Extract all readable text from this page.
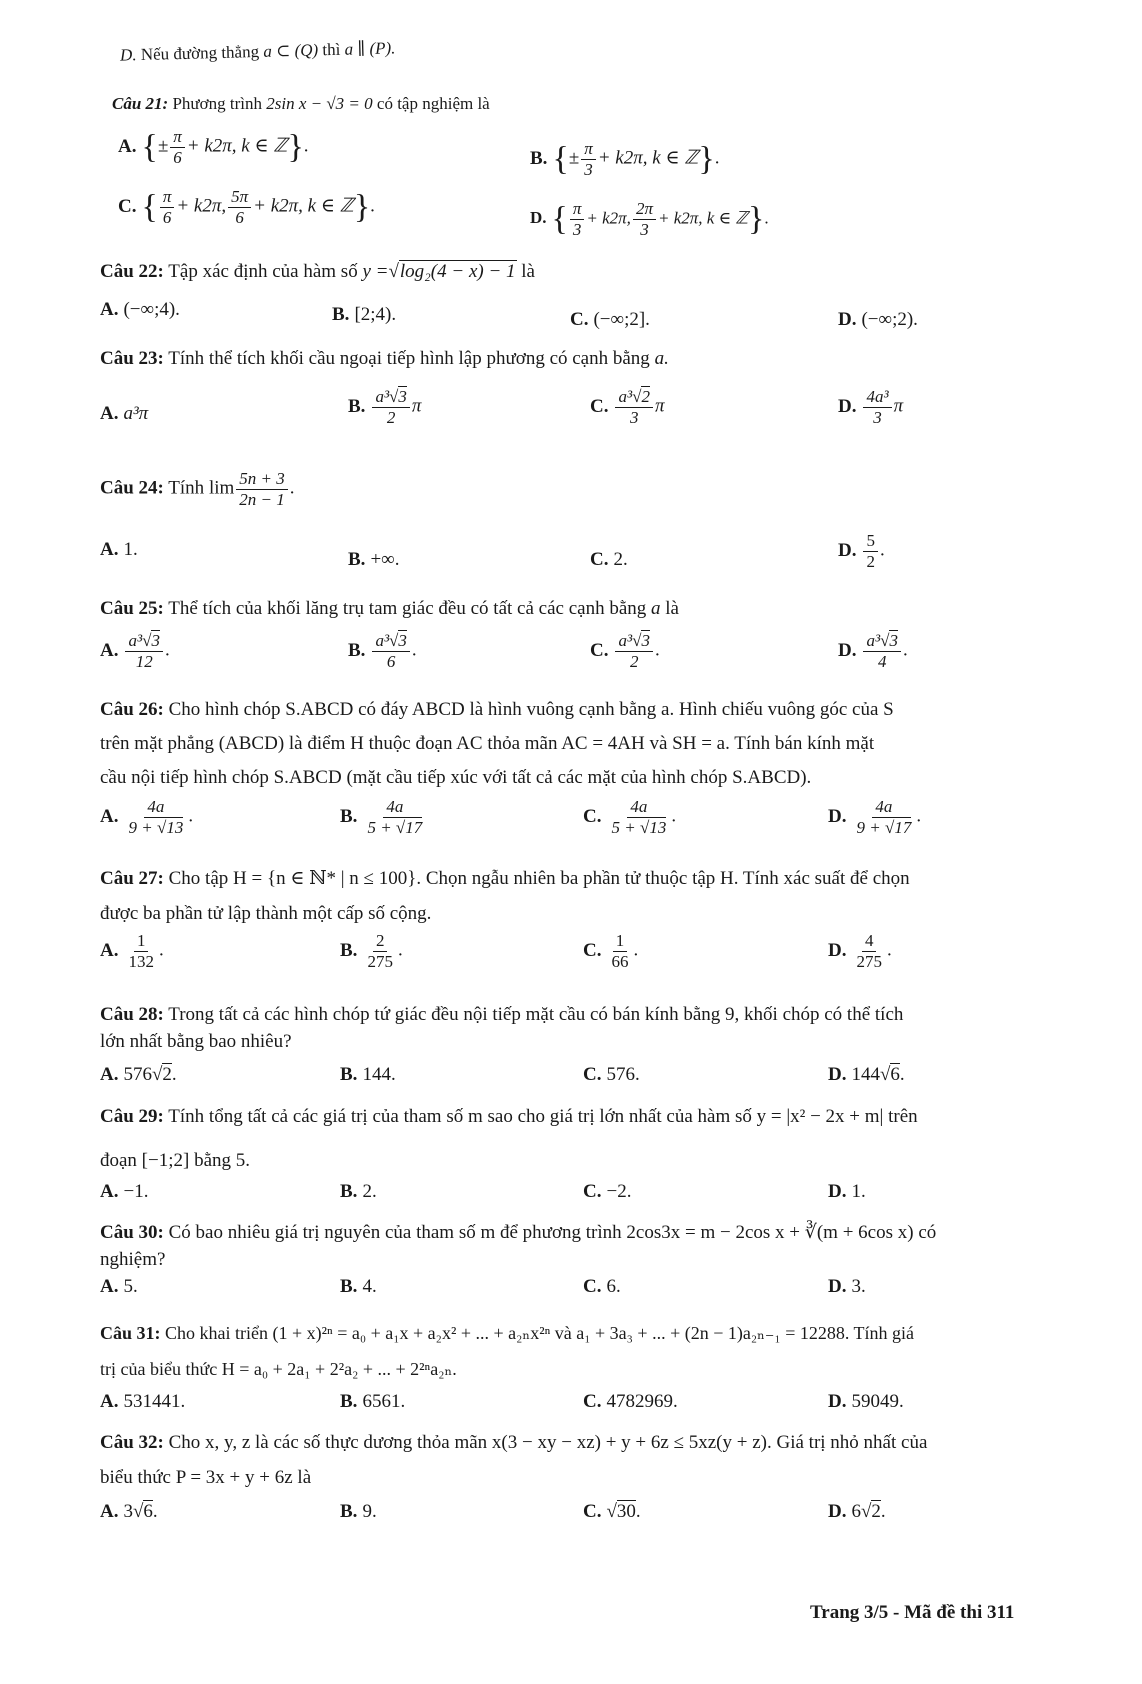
D. Nếu đường thẳng a ⊂ (Q) thì a ∥ (P).
Câu 21: Phương trình 2sin x − √3 = 0 có tập nghiệm là
A. {± $\frac{\pi}{6} + k2\pi$, k ∈ ℤ}.
B. {± $\frac{\pi}{3} + k2\pi$, k ∈ ℤ}.
C. { $\frac{\pi}{6} + k2\pi$, $\frac{5\pi}{6} + k2\pi$, k ∈ ℤ}.
D. { $\frac{\pi}{3} + k2\pi$, $\frac{2\pi}{3} + k2\pi$, k ∈ ℤ}.
Câu 22: Tập xác định của hàm số y =√log₂(4 − x) − 1 là
A. (−∞;4).	B. [2;4).	C. (−∞;2].	D. (−∞;2).
Câu 23: Tính thể tích khối cầu ngoại tiếp hình lập phương có cạnh bằng a.
A. a³π	B. $\frac{\text{a³√3}}{2}$ π	C. $\frac{\text{a³√2}}{3}$ π	D. $\frac{\text{4a³}}{3}$ π
Câu 24: Tính $\lim \frac{5n + 3}{2n - 1}$ .
A. 1.	B. +∞.	C. 2.	D. $\frac{5}{2}$ .
Câu 25: Thể tích của khối lăng trụ tam giác đều có tất cả các cạnh bằng a là
A. $\frac{\text{a³√3}}{12}$ .	B. $\frac{\text{a³√3}}{6}$ .	C. $\frac{\text{a³√3}}{2}$ .	D. $\frac{\text{a³√3}}{4}$ .
Câu 26: Cho hình chóp S.ABCD có đáy ABCD là hình vuông cạnh bằng a. Hình chiếu vuông góc của S
trên mặt phẳng (ABCD) là điểm H thuộc đoạn AC thỏa mãn AC = 4AH và SH = a. Tính bán kính mặt
cầu nội tiếp hình chóp S.ABCD (mặt cầu tiếp xúc với tất cả các mặt của hình chóp S.ABCD).
A. $\frac{4a}{9 + √13}$ .	B. $\frac{4a}{5 + √17}$	C. $\frac{4a}{5 + √13}$ .	D. $\frac{4a}{9 + √17}$ .
Câu 27: Cho tập H = {n ∈ ℕ* | n ≤ 100}. Chọn ngẫu nhiên ba phần tử thuộc tập H. Tính xác suất để chọn
được ba phần tử lập thành một cấp số cộng.
A. $\frac{1}{132}$ .	B. $\frac{2}{275}$ .	C. $\frac{1}{66}$ .	D. $\frac{4}{275}$ .
Câu 28: Trong tất cả các hình chóp tứ giác đều nội tiếp mặt cầu có bán kính bằng 9, khối chóp có thể tích
lớn nhất bằng bao nhiêu?
A. 576√2.	B. 144.	C. 576.	D. 144√6.
Câu 29: Tính tổng tất cả các giá trị của tham số m sao cho giá trị lớn nhất của hàm số y = |x² − 2x + m| trên
đoạn [−1;2] bằng 5.
A. −1.	B. 2.	C. −2.	D. 1.
Câu 30: Có bao nhiêu giá trị nguyên của tham số m để phương trình 2cos3x = m − 2cos x + ∛(m + 6cos x) có
nghiệm?
A. 5.	B. 4.	C. 6.	D. 3.
Câu 31: Cho khai triển (1 + x)²ⁿ = a₀ + a₁x + a₂x² + ... + a₂ₙx²ⁿ và a₁ + 3a₃ + ... + (2n − 1)a₂ₙ₋₁ = 12288. Tính giá
trị của biểu thức H = a₀ + 2a₁ + 2²a₂ + ... + 2²ⁿa₂ₙ.
A. 531441.	B. 6561.	C. 4782969.	D. 59049.
Câu 32: Cho x, y, z là các số thực dương thỏa mãn x(3 − xy − xz) + y + 6z ≤ 5xz(y + z). Giá trị nhỏ nhất của
biểu thức P = 3x + y + 6z là
A. 3√6.	B. 9.	C. √30.	D. 6√2.
Trang 3/5 - Mã đề thi 311
